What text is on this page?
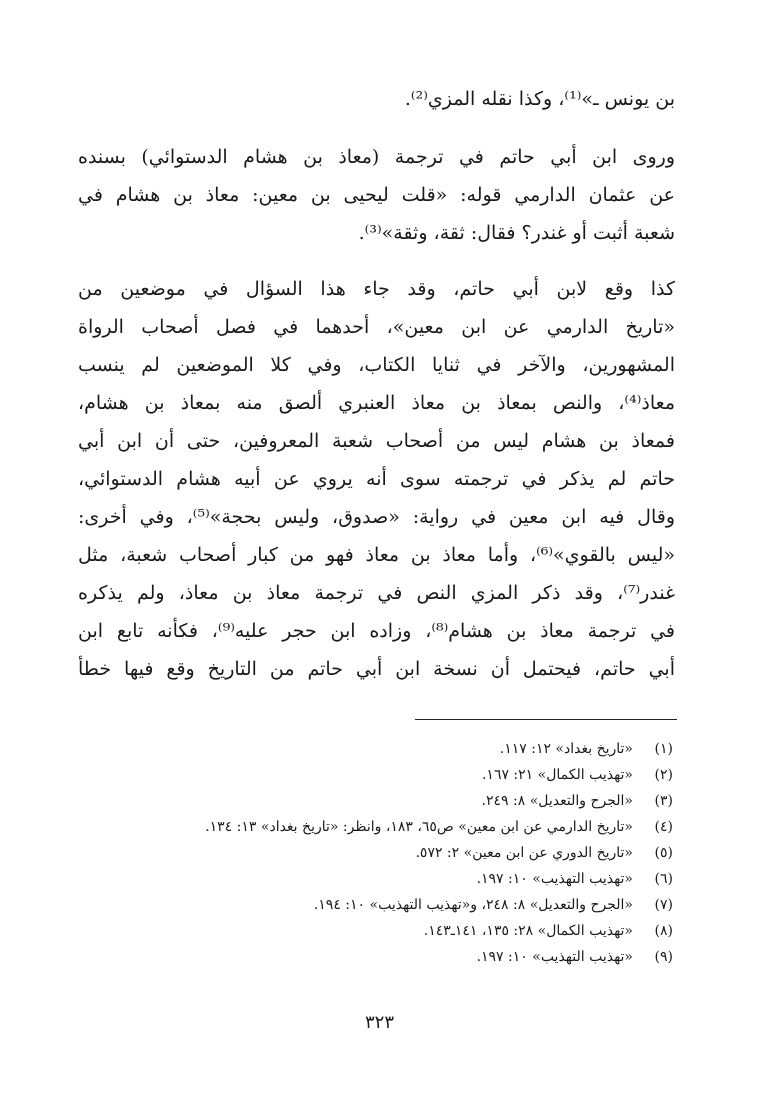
بن يونس ـ»⁽¹⁾، وكذا نقله المزي⁽²⁾.
وروى ابن أبي حاتم في ترجمة (معاذ بن هشام الدستوائي) بسنده
عن عثمان الدارمي قوله: «قلت ليحيى بن معين: معاذ بن هشام في
شعبة أثبت أو غندر؟ فقال: ثقة، وثقة»⁽³⁾.
كذا وقع لابن أبي حاتم، وقد جاء هذا السؤال في موضعين من
«تاريخ الدارمي عن ابن معين»، أحدهما في فصل أصحاب الرواة
المشهورين، والآخر في ثنايا الكتاب، وفي كلا الموضعين لم ينسب
معاذ⁽⁴⁾، والنص بمعاذ بن معاذ العنبري ألصق منه بمعاذ بن هشام،
فمعاذ بن هشام ليس من أصحاب شعبة المعروفين، حتى أن ابن أبي
حاتم لم يذكر في ترجمته سوى أنه يروي عن أبيه هشام الدستوائي،
وقال فيه ابن معين في رواية: «صدوق، وليس بحجة»⁽⁵⁾، وفي أخرى:
«ليس بالقوي»⁽⁶⁾، وأما معاذ بن معاذ فهو من كبار أصحاب شعبة، مثل
غندر⁽⁷⁾، وقد ذكر المزي النص في ترجمة معاذ بن معاذ، ولم يذكره
في ترجمة معاذ بن هشام⁽⁸⁾، وزاده ابن حجر عليه⁽⁹⁾، فكأنه تابع ابن
أبي حاتم، فيحتمل أن نسخة ابن أبي حاتم من التاريخ وقع فيها خطأ
(١)«تاريخ بغداد» ١٢: ١١٧.
(٢)«تهذيب الكمال» ٢١: ١٦٧.
(٣)«الجرح والتعديل» ٨: ٢٤٩.
(٤)«تاريخ الدارمي عن ابن معين» ص٦٥، ١٨٣، وانظر: «تاريخ بغداد» ١٣: ١٣٤.
(٥)«تاريخ الدوري عن ابن معين» ٢: ٥٧٢.
(٦)«تهذيب التهذيب» ١٠: ١٩٧.
(٧)«الجرح والتعديل» ٨: ٢٤٨، و«تهذيب التهذيب» ١٠: ١٩٤.
(٨)«تهذيب الكمال» ٢٨: ١٣٥، ١٤١ـ١٤٣.
(٩)«تهذيب التهذيب» ١٠: ١٩٧.
٣٢٣
